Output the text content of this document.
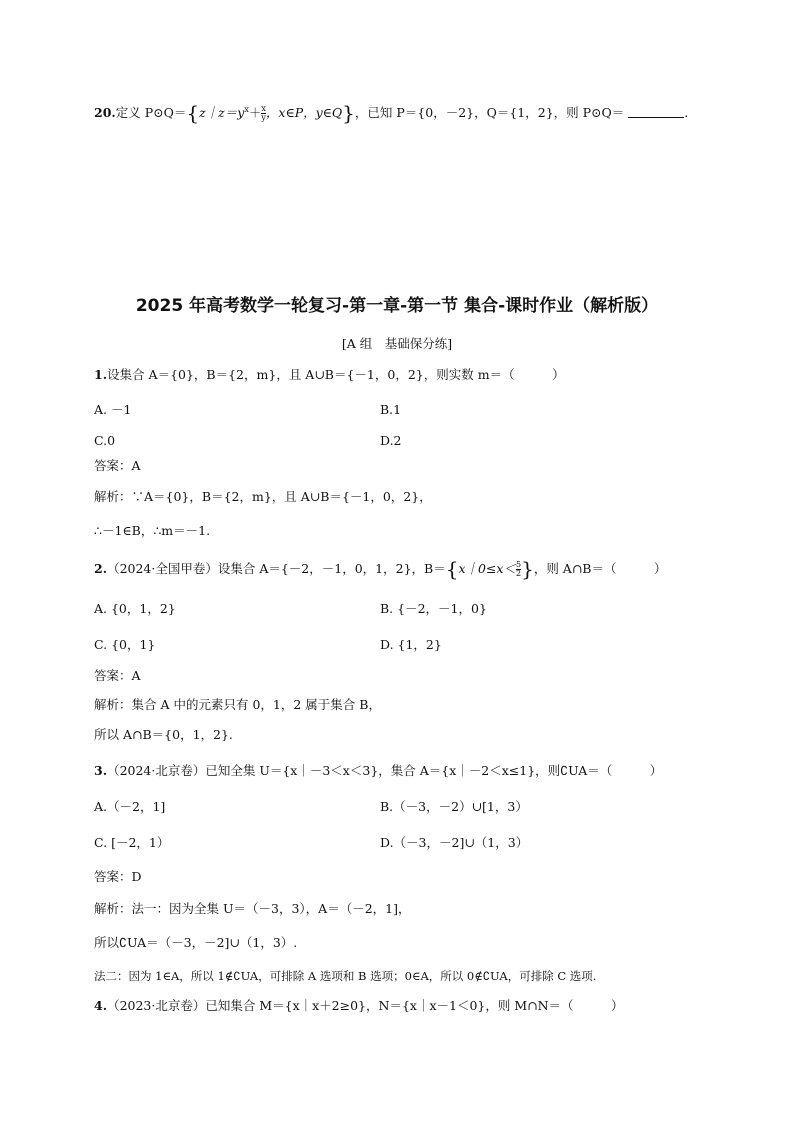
20.定义 $P⊙Q=\{z|z=y^x+\frac{x}{y}$，x∈P，y∈Q}，已知 P＝{0，－2}，Q＝{1，2}，则 P⊙Q＝	.
2025 年高考数学一轮复习-第一章-第一节 集合-课时作业（解析版）
[A 组　基础保分练]
1.设集合 A＝{0}，B＝{2，m}，且 A∪B＝{－1，0，2}，则实数 m＝（　　　）
A. －1	B.1
C.0	D.2
答案：A
解析：∵A＝{0}，B＝{2，m}，且 A∪B＝{－1，0，2}，
∴－1∈B，∴m＝－1.
2.（2024·全国甲卷）设集合 A＝{－2，－1，0，1，2}，$B=\{x|0\le x<\frac{5}{2}\}$，则 A∩B＝（　　　）
A. {0，1，2}	B. {－2，－1，0}
C. {0，1}	D. {1，2}
答案：A
解析：集合 A 中的元素只有 0，1，2 属于集合 B，
所以 A∩B＝{0，1，2}.
3.（2024·北京卷）已知全集 U＝{x｜－3＜x＜3}，集合 A＝{x｜－2＜x≤1}，则∁UA＝（　　　）
A.（－2，1]	B.（－3，－2）∪[1，3）
C. [－2，1）	D.（－3，－2]∪（1，3）
答案：D
解析：法一：因为全集 U＝（－3，3），A＝（－2，1]，
所以∁UA＝（－3，－2]∪（1，3）.
法二：因为 1∈A，所以 1∉∁UA，可排除 A 选项和 B 选项；0∈A，所以 0∉∁UA，可排除 C 选项.
4.（2023·北京卷）已知集合 M＝{x｜x＋2≥0}，N＝{x｜x－1＜0}，则 M∩N＝（　　　）
